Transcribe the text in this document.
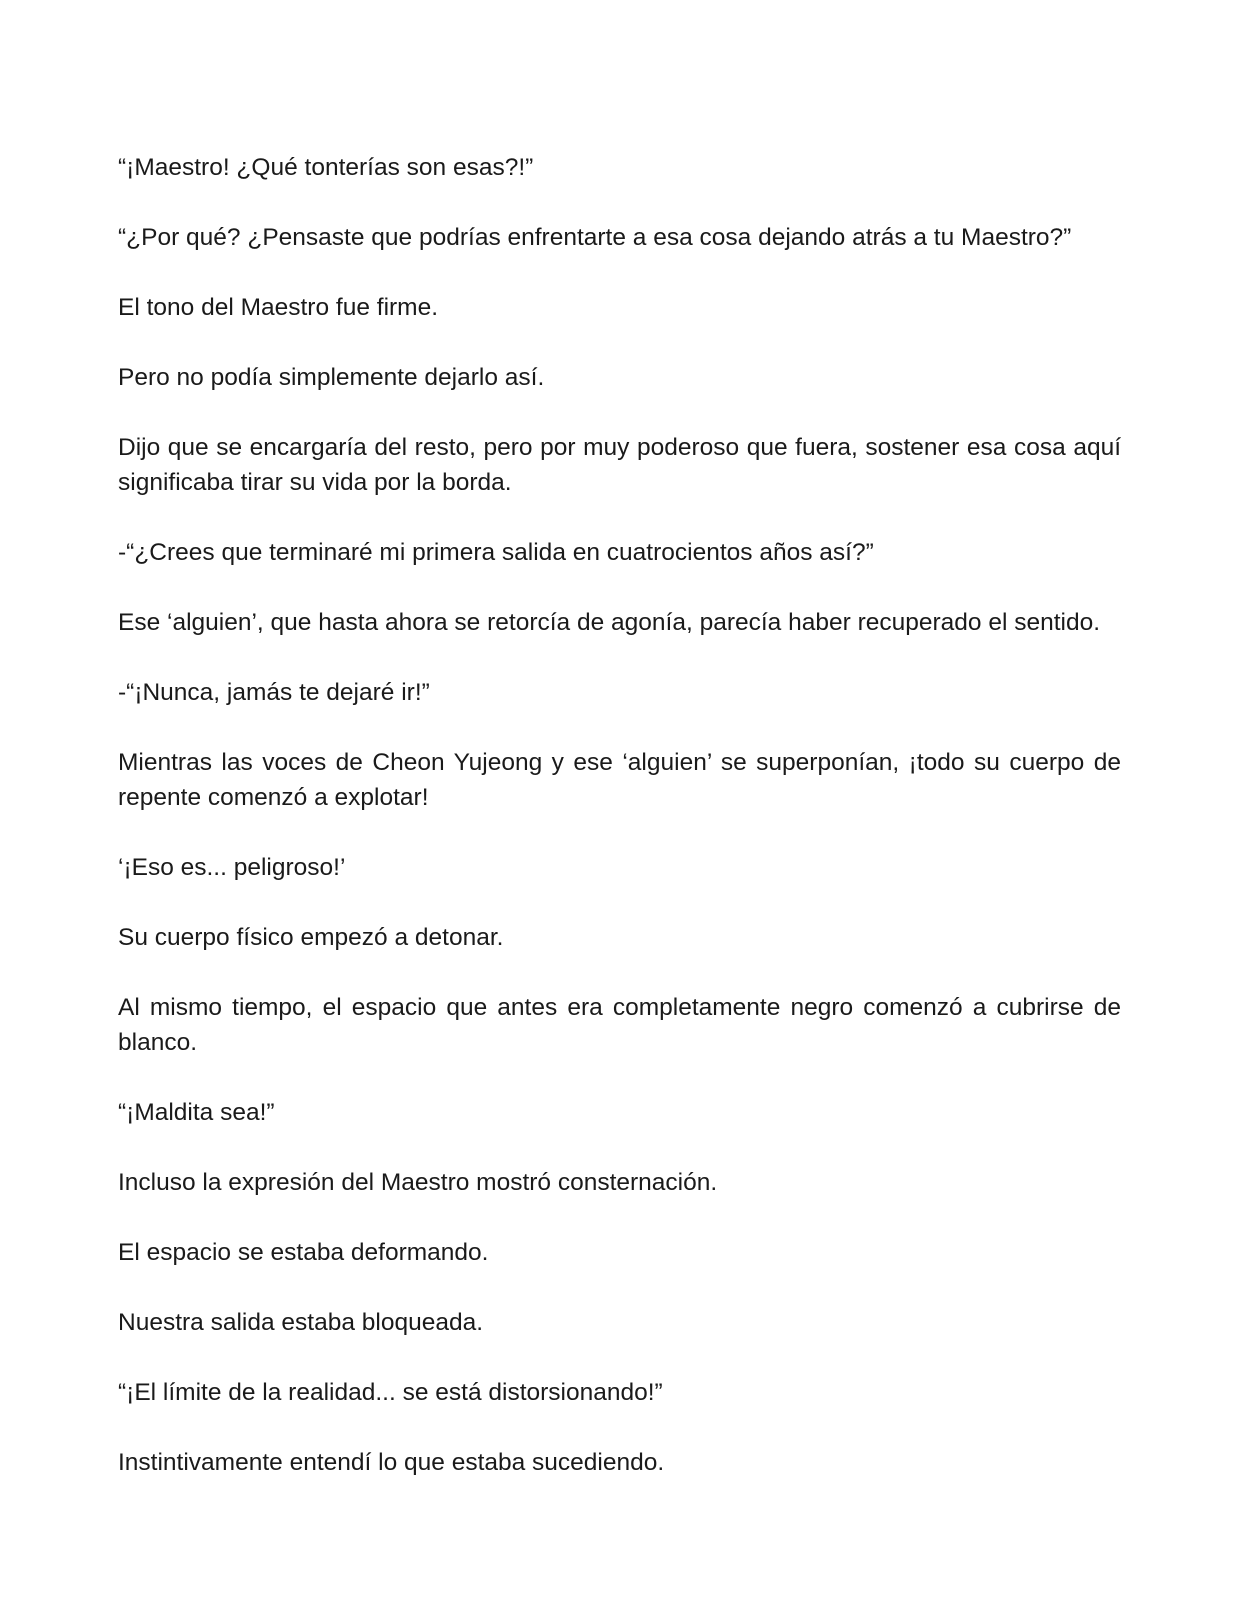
“¡Maestro! ¿Qué tonterías son esas?!”

“¿Por qué? ¿Pensaste que podrías enfrentarte a esa cosa dejando atrás a tu Maestro?”

El tono del Maestro fue firme.

Pero no podía simplemente dejarlo así.

Dijo que se encargaría del resto, pero por muy poderoso que fuera, sostener esa cosa aquí significaba tirar su vida por la borda.

-“¿Crees que terminaré mi primera salida en cuatrocientos años así?”

Ese ‘alguien’, que hasta ahora se retorcía de agonía, parecía haber recuperado el sentido.

-“¡Nunca, jamás te dejaré ir!”

Mientras las voces de Cheon Yujeong y ese ‘alguien’ se superponían, ¡todo su cuerpo de repente comenzó a explotar!

‘¡Eso es... peligroso!’

Su cuerpo físico empezó a detonar.

Al mismo tiempo, el espacio que antes era completamente negro comenzó a cubrirse de blanco.

“¡Maldita sea!”

Incluso la expresión del Maestro mostró consternación.

El espacio se estaba deformando.

Nuestra salida estaba bloqueada.

“¡El límite de la realidad... se está distorsionando!”

Instintivamente entendí lo que estaba sucediendo.
